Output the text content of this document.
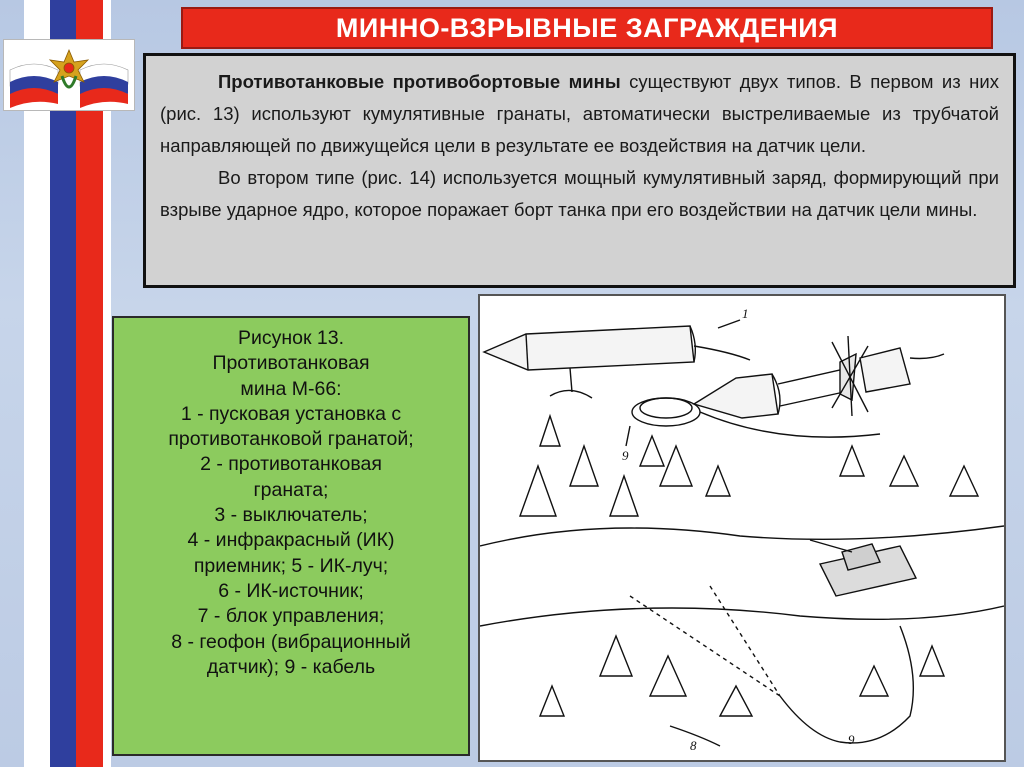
МИННО-ВЗРЫВНЫЕ ЗАГРАЖДЕНИЯ

Противотанковые противобортовые мины существуют двух типов. В первом из них (рис. 13) используют кумулятивные гранаты, автоматически выстреливаемые из трубчатой направляющей по движущейся цели в результате ее воздействия на датчик цели.

Во втором типе (рис. 14) используется мощный кумулятивный заряд, формирующий при взрыве ударное ядро, которое поражает борт танка при его воздействии на датчик цели мины.

Рисунок 13.
Противотанковая
мина М-66:
1 - пусковая установка с
противотанковой гранатой;
2 - противотанковая
граната;
3 - выключатель;
4 - инфракрасный (ИК)
приемник; 5 - ИК-луч;
6 - ИК-источник;
7 - блок управления;
8 - геофон (вибрационный
датчик); 9 - кабель
1
9
8	9
